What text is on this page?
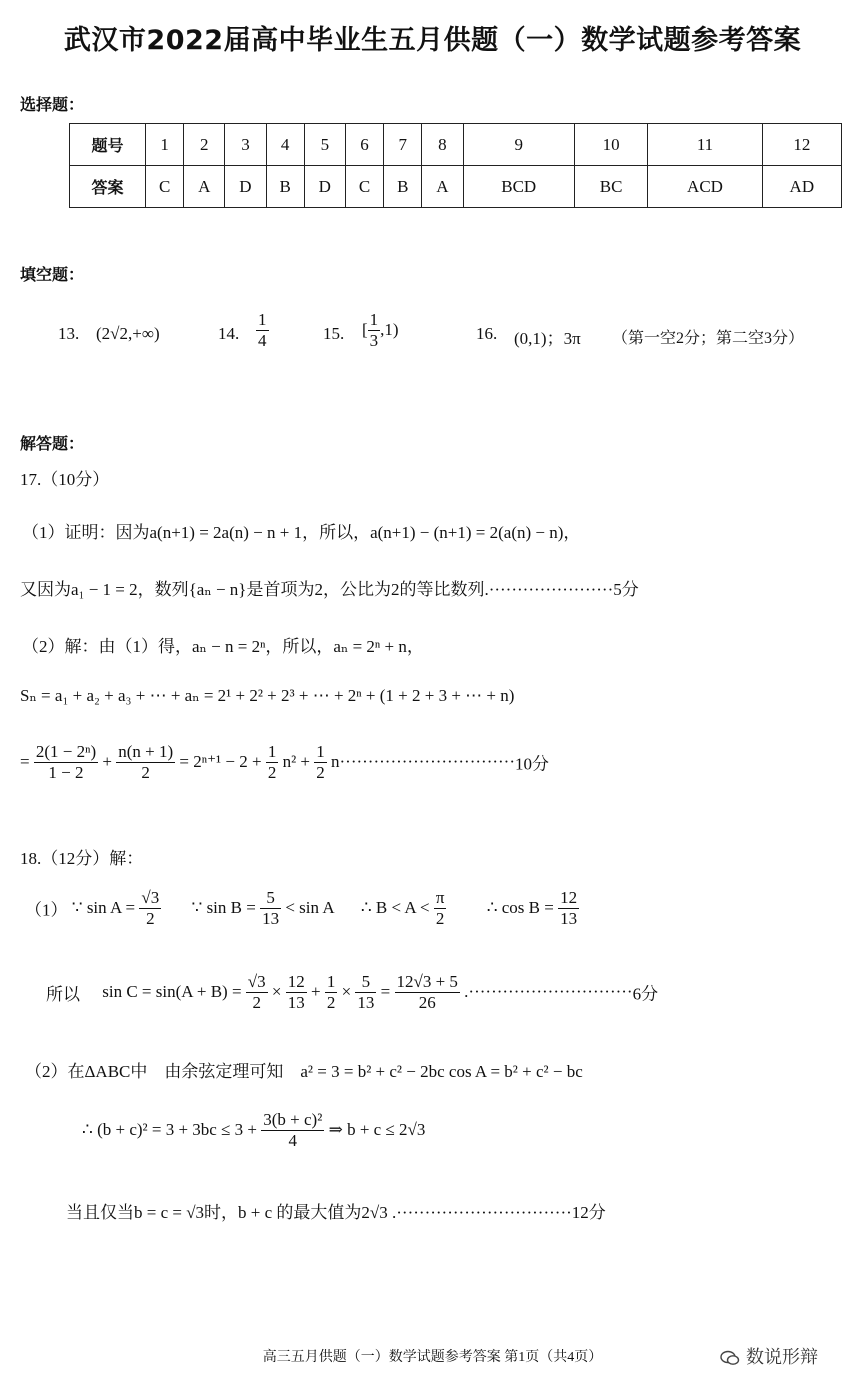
武汉市2022届高中毕业生五月供题（一）数学试题参考答案
选择题：
题号	1	2	3	4	5	6	7	8	9	10	11	12
答案	C	A	D	B	D	C	B	A	BCD	BC	ACD	AD
填空题：
13. (2√2,+∞)	14. $\frac{1}{4}$	15. [ $\frac{1}{3} ,1$)	16. (0,1)；3π （第一空2分；第二空3分）
解答题：
17.（10分）
（1）证明：因为a(n+1) = 2a(n) − n + 1，所以，a(n+1) − (n+1) = 2(a(n) − n)，
又因为a₁ − 1 = 2，数列{aₙ − n}是首项为2，公比为2的等比数列.······················5分
（2）解：由（1）得，aₙ − n = 2ⁿ，所以，aₙ = 2ⁿ + n，
Sₙ = a₁ + a₂ + a₃ + ⋯ + aₙ = 2¹ + 2² + 2³ + ⋯ + 2ⁿ + (1 + 2 + 3 + ⋯ + n)
= $\frac{\text{2(1 − 2ⁿ)}}{1 - 2} + \frac{n(n + 1)}{2} = 2^{n+1} - 2 + \frac{1}{2} n^2 + \frac{1}{2} n\cdot\cdot\cdot\cdot\cdot\cdot\cdot\cdot\cdot\cdot\cdot\cdot\cdot\cdot\cdot\cdot\cdot\cdot\cdot\cdot\cdot\cdot\cdot\cdot\cdot\cdot\cdot\cdot\cdot\cdot\cdot 10$分
18.（12分）解：
（1） ∵ $\sin A = \frac{√3}{2}$ ∵ $\sin B = \frac{5}{13} < \sin A$ ∴ $B < A < \frac{\pi}{2}$ ∴ $\cos B = \frac{12}{13}$
所以 $\sin C = \sin(A + B) = \frac{√3}{2} \times \frac{12}{13} + \frac{1}{2} \times \frac{5}{13} = \frac{12√3 + 5}{26} .\cdot\cdot\cdot\cdot\cdot\cdot\cdot\cdot\cdot\cdot\cdot\cdot\cdot\cdot\cdot\cdot\cdot\cdot\cdot\cdot\cdot\cdot\cdot\cdot\cdot\cdot\cdot\cdot\cdot 6$分
（2）在ΔABC中　由余弦定理可知　a² = 3 = b² + c² − 2bc cos A = b² + c² − bc
∴ $(b + c)^2 = 3 + 3bc \le 3 + \frac{\text{3(b + c)²}}{4}$ ⇒ b + c ≤ 2√3
当且仅当b = c = √3时，b + c 的最大值为2√3 .·······························12分
高三五月供题（一）数学试题参考答案 第1页（共4页）	数说形辩
